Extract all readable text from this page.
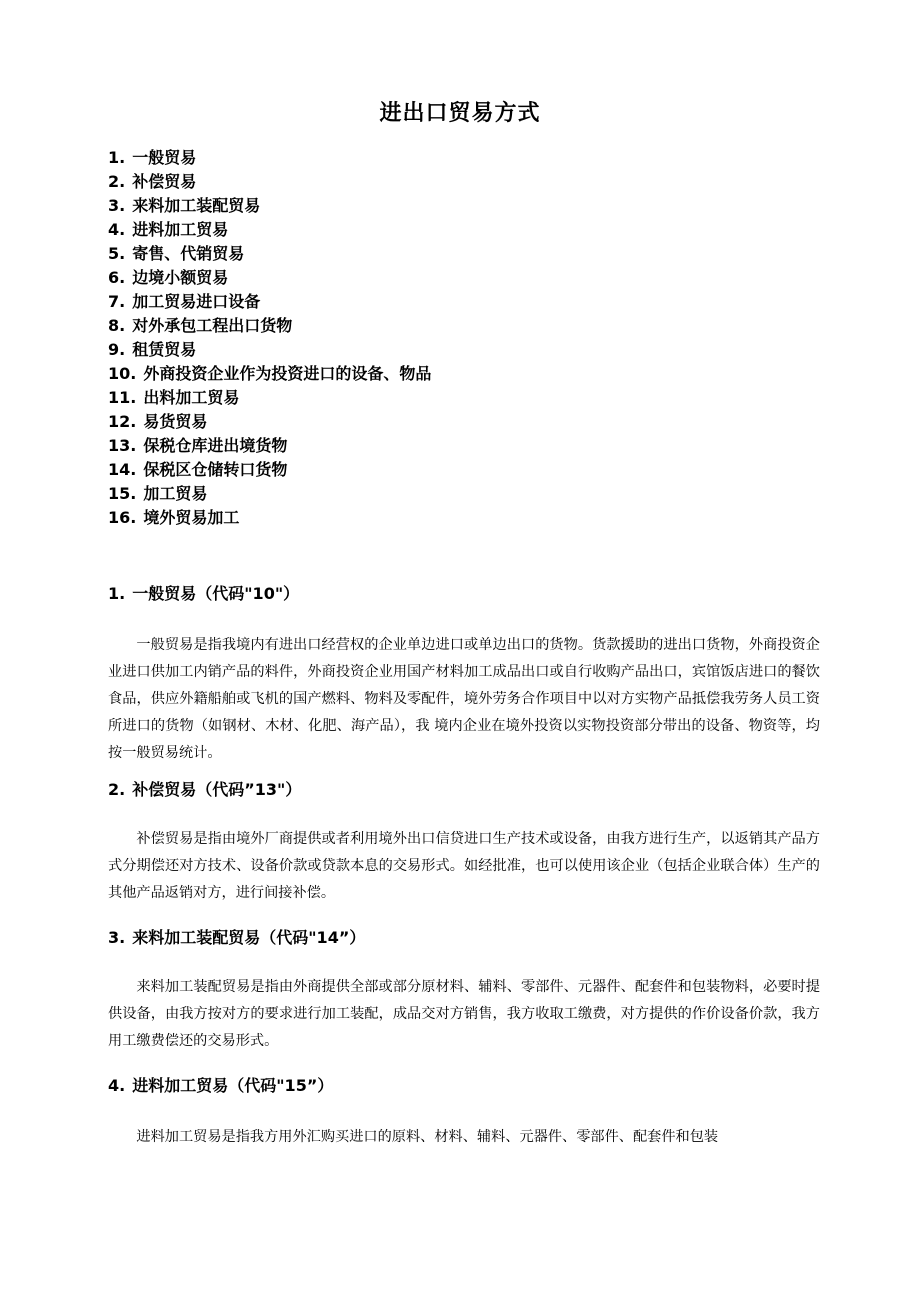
进出口贸易方式
1. 一般贸易
2. 补偿贸易
3. 来料加工装配贸易
4. 进料加工贸易
5. 寄售、代销贸易
6. 边境小额贸易
7. 加工贸易进口设备
8. 对外承包工程出口货物
9. 租赁贸易
10. 外商投资企业作为投资进口的设备、物品
11. 出料加工贸易
12. 易货贸易
13. 保税仓库进出境货物
14. 保税区仓储转口货物
15. 加工贸易
16. 境外贸易加工
1. 一般贸易（代码"10"）

一般贸易是指我境内有进出口经营权的企业单边进口或单边出口的货物。货款援助的进出口货物，外商投资企业进口供加工内销产品的料件，外商投资企业用国产材料加工成品出口或自行收购产品出口，宾馆饭店进口的餐饮食品，供应外籍船舶或飞机的国产燃料、物料及零配件，境外劳务合作项目中以对方实物产品抵偿我劳务人员工资所进口的货物（如钢材、木材、化肥、海产品），我 境内企业在境外投资以实物投资部分带出的设备、物资等，均按一般贸易统计。

2. 补偿贸易（代码”13"）

补偿贸易是指由境外厂商提供或者利用境外出口信贷进口生产技术或设备，由我方进行生产，以返销其产品方式分期偿还对方技术、设备价款或贷款本息的交易形式。如经批准，也可以使用该企业（包括企业联合体）生产的其他产品返销对方，进行间接补偿。

3. 来料加工装配贸易（代码"14”）

来料加工装配贸易是指由外商提供全部或部分原材料、辅料、零部件、元器件、配套件和包装物料，必要时提供设备，由我方按对方的要求进行加工装配，成品交对方销售，我方收取工缴费，对方提供的作价设备价款，我方用工缴费偿还的交易形式。

4. 进料加工贸易（代码"15”）

进料加工贸易是指我方用外汇购买进口的原料、材料、辅料、元器件、零部件、配套件和包装
